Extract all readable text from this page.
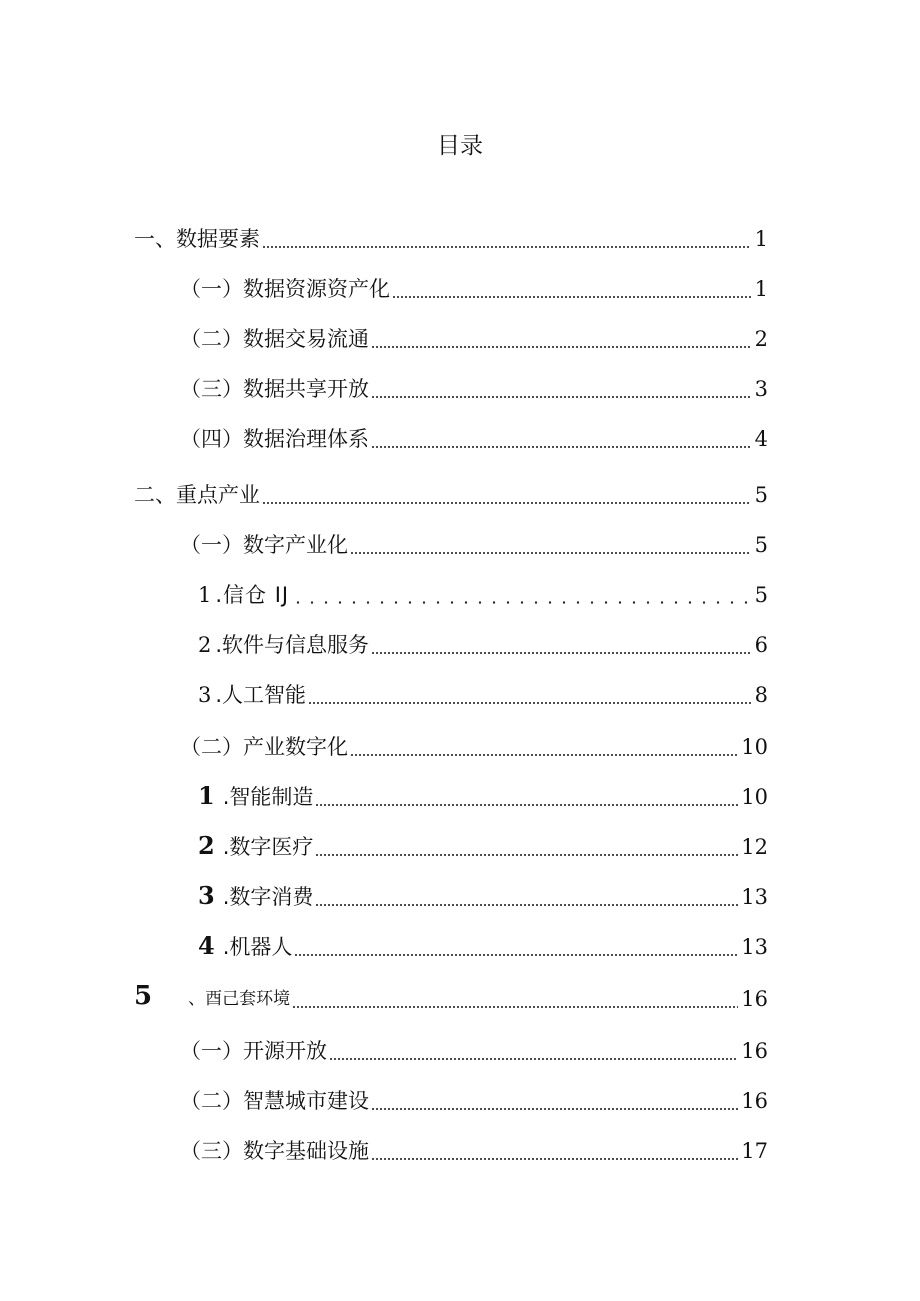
目录
一、数据要素	1
（一）数据资源资产化	1
（二）数据交易流通	2
（三）数据共享开放	3
（四）数据治理体系	4
二、重点产业	5
（一）数字产业化	5
1 .信仓 IJ	5
2 .软件与信息服务	6
3 .人工智能	8
（二）产业数字化	10
1 .智能制造	10
2 .数字医疗	12
3 .数字消费	13
4 .机器人	13
5 、酉己套环境	16
（一）开源开放	16
（二）智慧城市建设	16
（三）数字基础设施	17
